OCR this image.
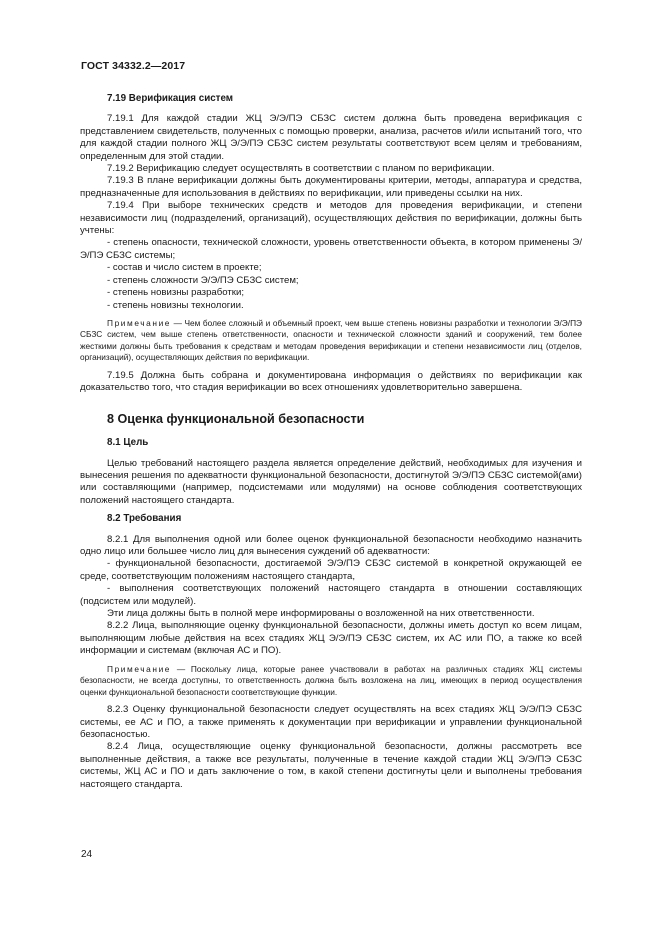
ГОСТ 34332.2—2017
7.19 Верификация систем

7.19.1 Для каждой стадии ЖЦ Э/Э/ПЭ СБЗС систем должна быть проведена верификация с представлением свидетельств, полученных с помощью проверки, анализа, расчетов и/или испытаний того, что для каждой стадии полного ЖЦ Э/Э/ПЭ СБЗС систем результаты соответствуют всем целям и требованиям, определенным для этой стадии.

7.19.2 Верификацию следует осуществлять в соответствии с планом по верификации.

7.19.3 В плане верификации должны быть документированы критерии, методы, аппаратура и средства, предназначенные для использования в действиях по верификации, или приведены ссылки на них.

7.19.4 При выборе технических средств и методов для проведения верификации, и степени независимости лиц (подразделений, организаций), осуществляющих действия по верификации, должны быть учтены:

- степень опасности, технической сложности, уровень ответственности объекта, в котором применены Э/Э/ПЭ СБЗС системы;

- состав и число систем в проекте;

- степень сложности Э/Э/ПЭ СБЗС систем;

- степень новизны разработки;

- степень новизны технологии.

Примечание — Чем более сложный и объемный проект, чем выше степень новизны разработки и технологии Э/Э/ПЭ СБЗС систем, чем выше степень ответственности, опасности и технической сложности зданий и сооружений, тем более жесткими должны быть требования к средствам и методам проведения верификации и степени независимости лиц (отделов, организаций), осуществляющих действия по верификации.

7.19.5 Должна быть собрана и документирована информация о действиях по верификации как доказательство того, что стадия верификации во всех отношениях удовлетворительно завершена.

8 Оценка функциональной безопасности
8.1 Цель

Целью требований настоящего раздела является определение действий, необходимых для изучения и вынесения решения по адекватности функциональной безопасности, достигнутой Э/Э/ПЭ СБЗС системой(ами) или составляющими (например, подсистемами или модулями) на основе соблюдения соответствующих положений настоящего стандарта.

8.2 Требования

8.2.1 Для выполнения одной или более оценок функциональной безопасности необходимо назначить одно лицо или большее число лиц для вынесения суждений об адекватности:

- функциональной безопасности, достигаемой Э/Э/ПЭ СБЗС системой в конкретной окружающей ее среде, соответствующим положениям настоящего стандарта,

- выполнения соответствующих положений настоящего стандарта в отношении составляющих (подсистем или модулей).

Эти лица должны быть в полной мере информированы о возложенной на них ответственности.

8.2.2 Лица, выполняющие оценку функциональной безопасности, должны иметь доступ ко всем лицам, выполняющим любые действия на всех стадиях ЖЦ Э/Э/ПЭ СБЗС систем, их АС или ПО, а также ко всей информации и системам (включая АС и ПО).

Примечание — Поскольку лица, которые ранее участвовали в работах на различных стадиях ЖЦ системы безопасности, не всегда доступны, то ответственность должна быть возложена на лиц, имеющих в период осуществления оценки функциональной безопасности соответствующие функции.

8.2.3 Оценку функциональной безопасности следует осуществлять на всех стадиях ЖЦ Э/Э/ПЭ СБЗС системы, ее АС и ПО, а также применять к документации при верификации и управлении функциональной безопасностью.

8.2.4 Лица, осуществляющие оценку функциональной безопасности, должны рассмотреть все выполненные действия, а также все результаты, полученные в течение каждой стадии ЖЦ Э/Э/ПЭ СБЗС системы, ЖЦ АС и ПО и дать заключение о том, в какой степени достигнуты цели и выполнены требования настоящего стандарта.

24
